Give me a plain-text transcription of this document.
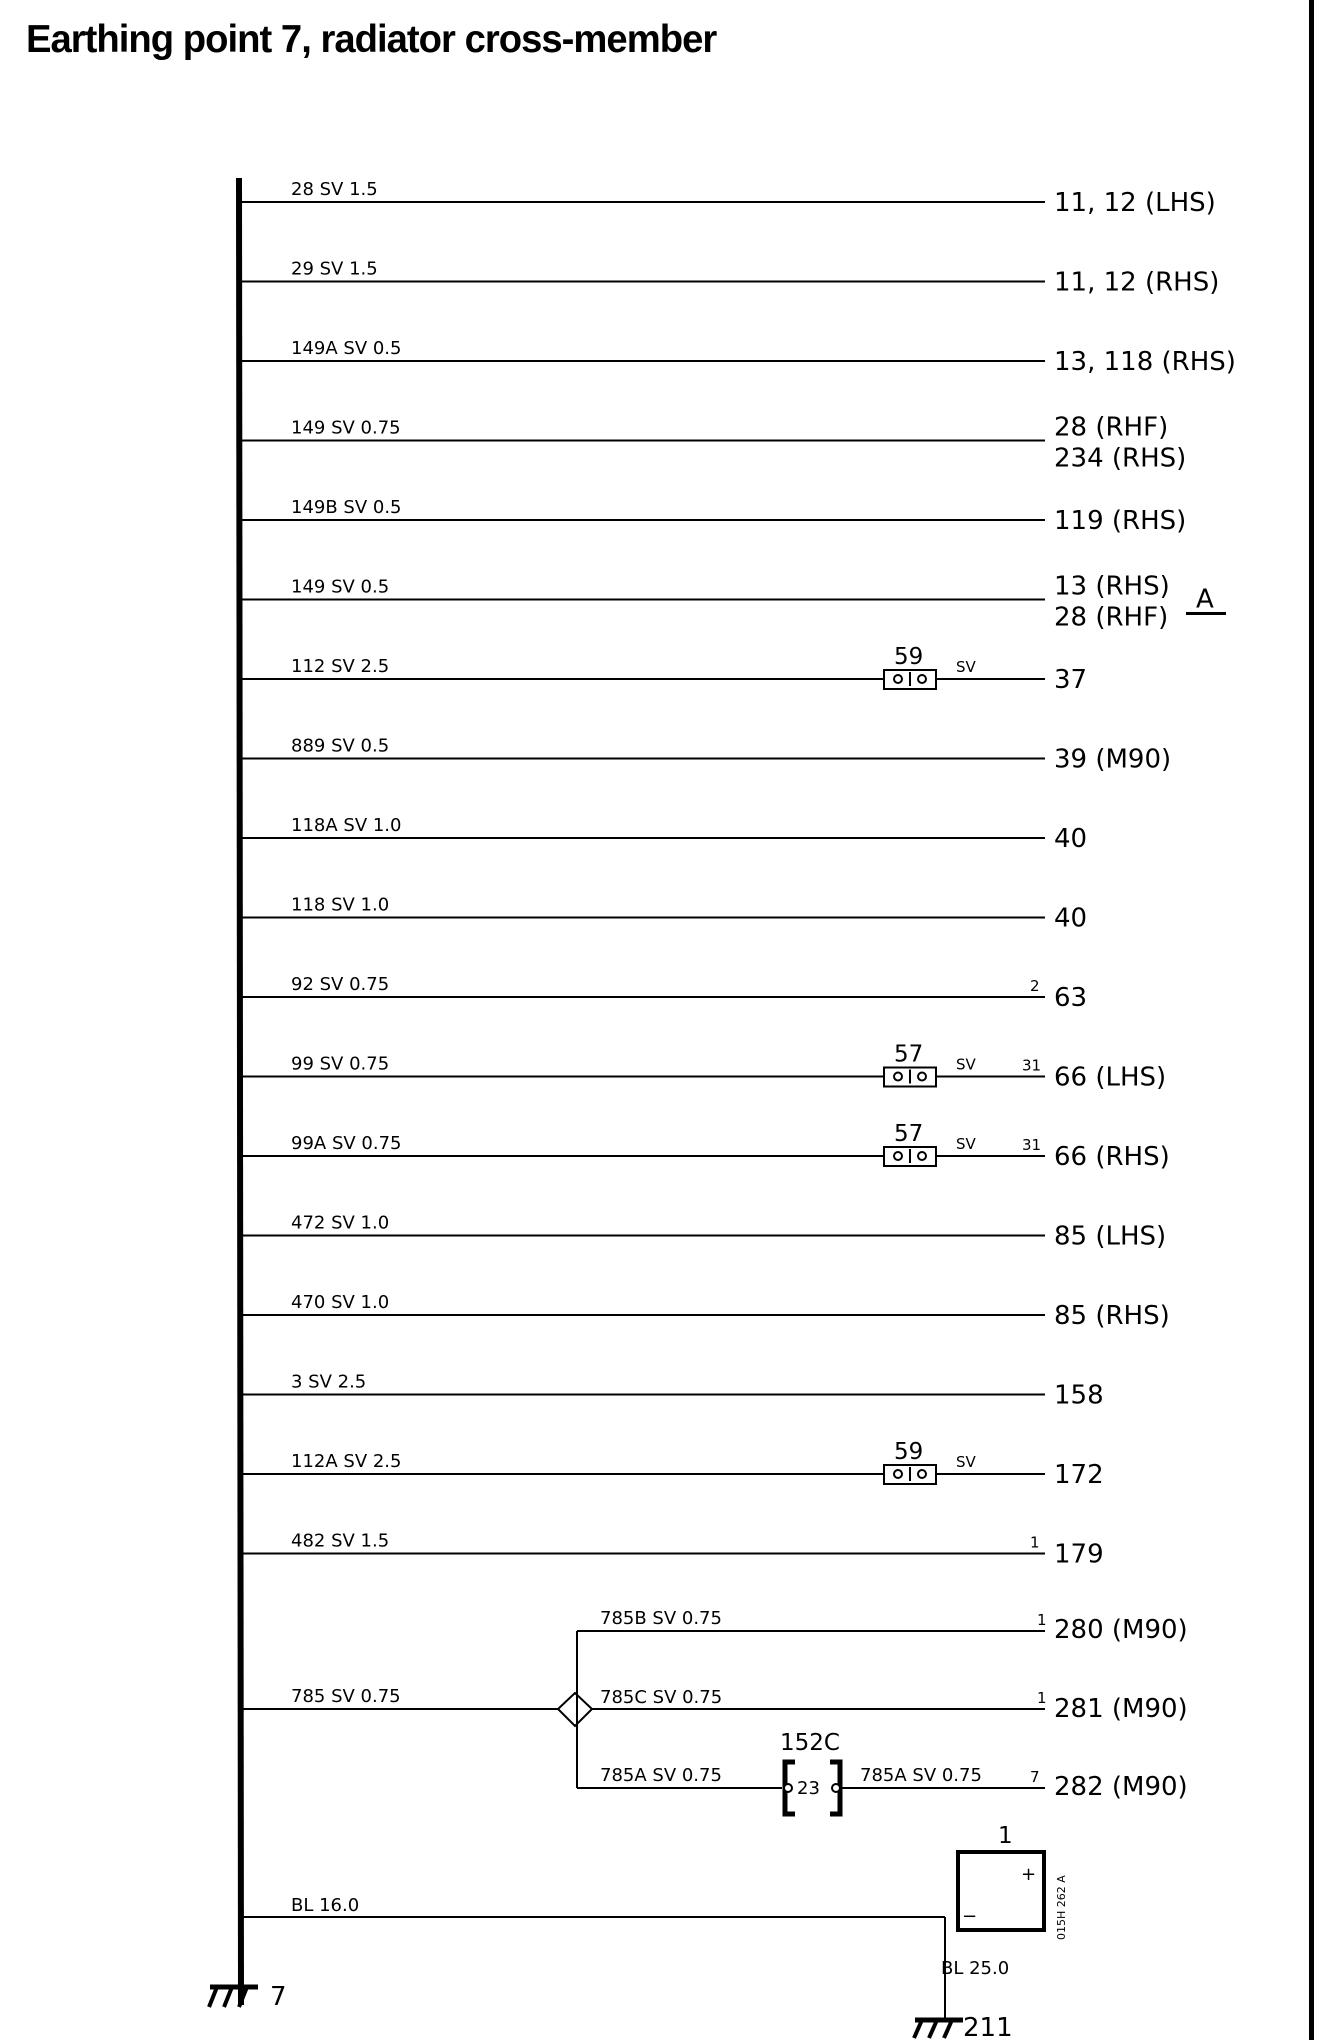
Earthing point 7, radiator cross-member
7
28 SV 1.5	11, 12 (LHS)
29 SV 1.5	11, 12 (RHS)
149A SV 0.5	13, 118 (RHS)
149 SV 0.75	28 (RHF)
234 (RHS)
149B SV 0.5	119 (RHS)
149 SV 0.5	13 (RHS)
28 (RHF)
A
112 SV 2.5	37
59 SV
889 SV 0.5	39 (M90)
118A SV 1.0	40
118 SV 1.0	40
92 SV 0.75	63
2
99 SV 0.75	66 (LHS)
57 SV	31
99A SV 0.75	66 (RHS)
57 SV	31
472 SV 1.0	85 (LHS)
470 SV 1.0	85 (RHS)
3 SV 2.5	158
112A SV 2.5	172
59 SV
482 SV 1.5	179
1
785 SV 0.75
785B SV 0.75	1 280 (M90)
785C SV 0.75	1 281 (M90)
785A SV 0.75
152C
23
785A SV 0.75	7 282 (M90)
BL 16.0
1
+
−	015H 262 A
BL 25.0
211
